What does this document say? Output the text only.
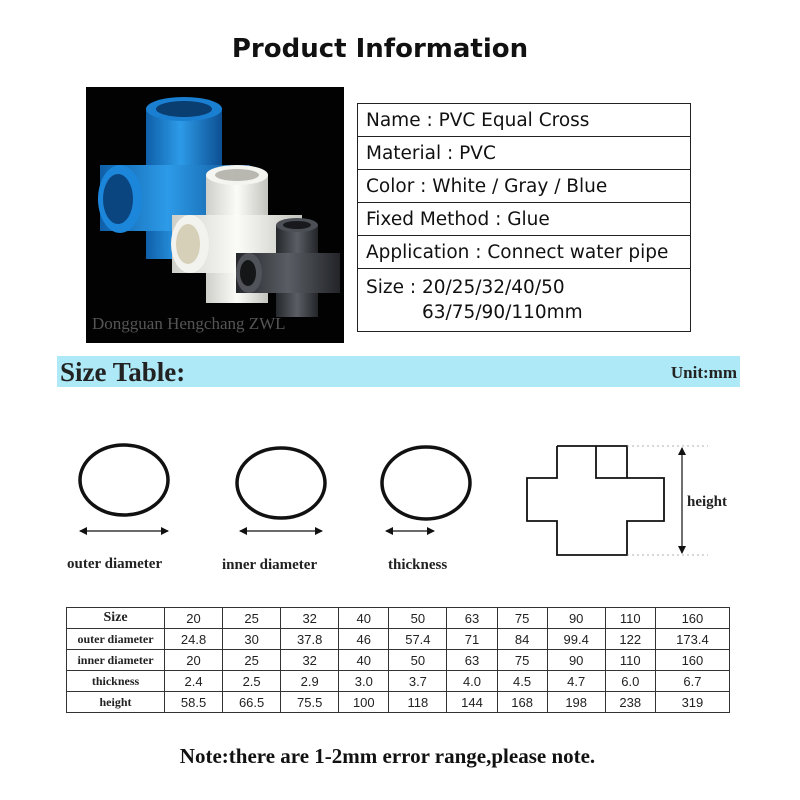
Product Information
Dongguan Hengchang ZWL
Name : PVC Equal Cross
Material : PVC
Color : White / Gray / Blue
Fixed Method : Glue
Application : Connect water pipe

Size : 20/25/32/40/50
63/75/90/110mm
Size Table:	Unit:mm
outer diameter	inner diameter	thickness
height
Size	20	25	32	40	50	63	75	90	110	160
outer diameter	24.8	30	37.8	46	57.4	71	84	99.4	122	173.4
inner diameter	20	25	32	40	50	63	75	90	110	160
thickness	2.4	2.5	2.9	3.0	3.7	4.0	4.5	4.7	6.0	6.7
height	58.5	66.5	75.5	100	118	144	168	198	238	319
Note:there are 1-2mm error range,please note.
